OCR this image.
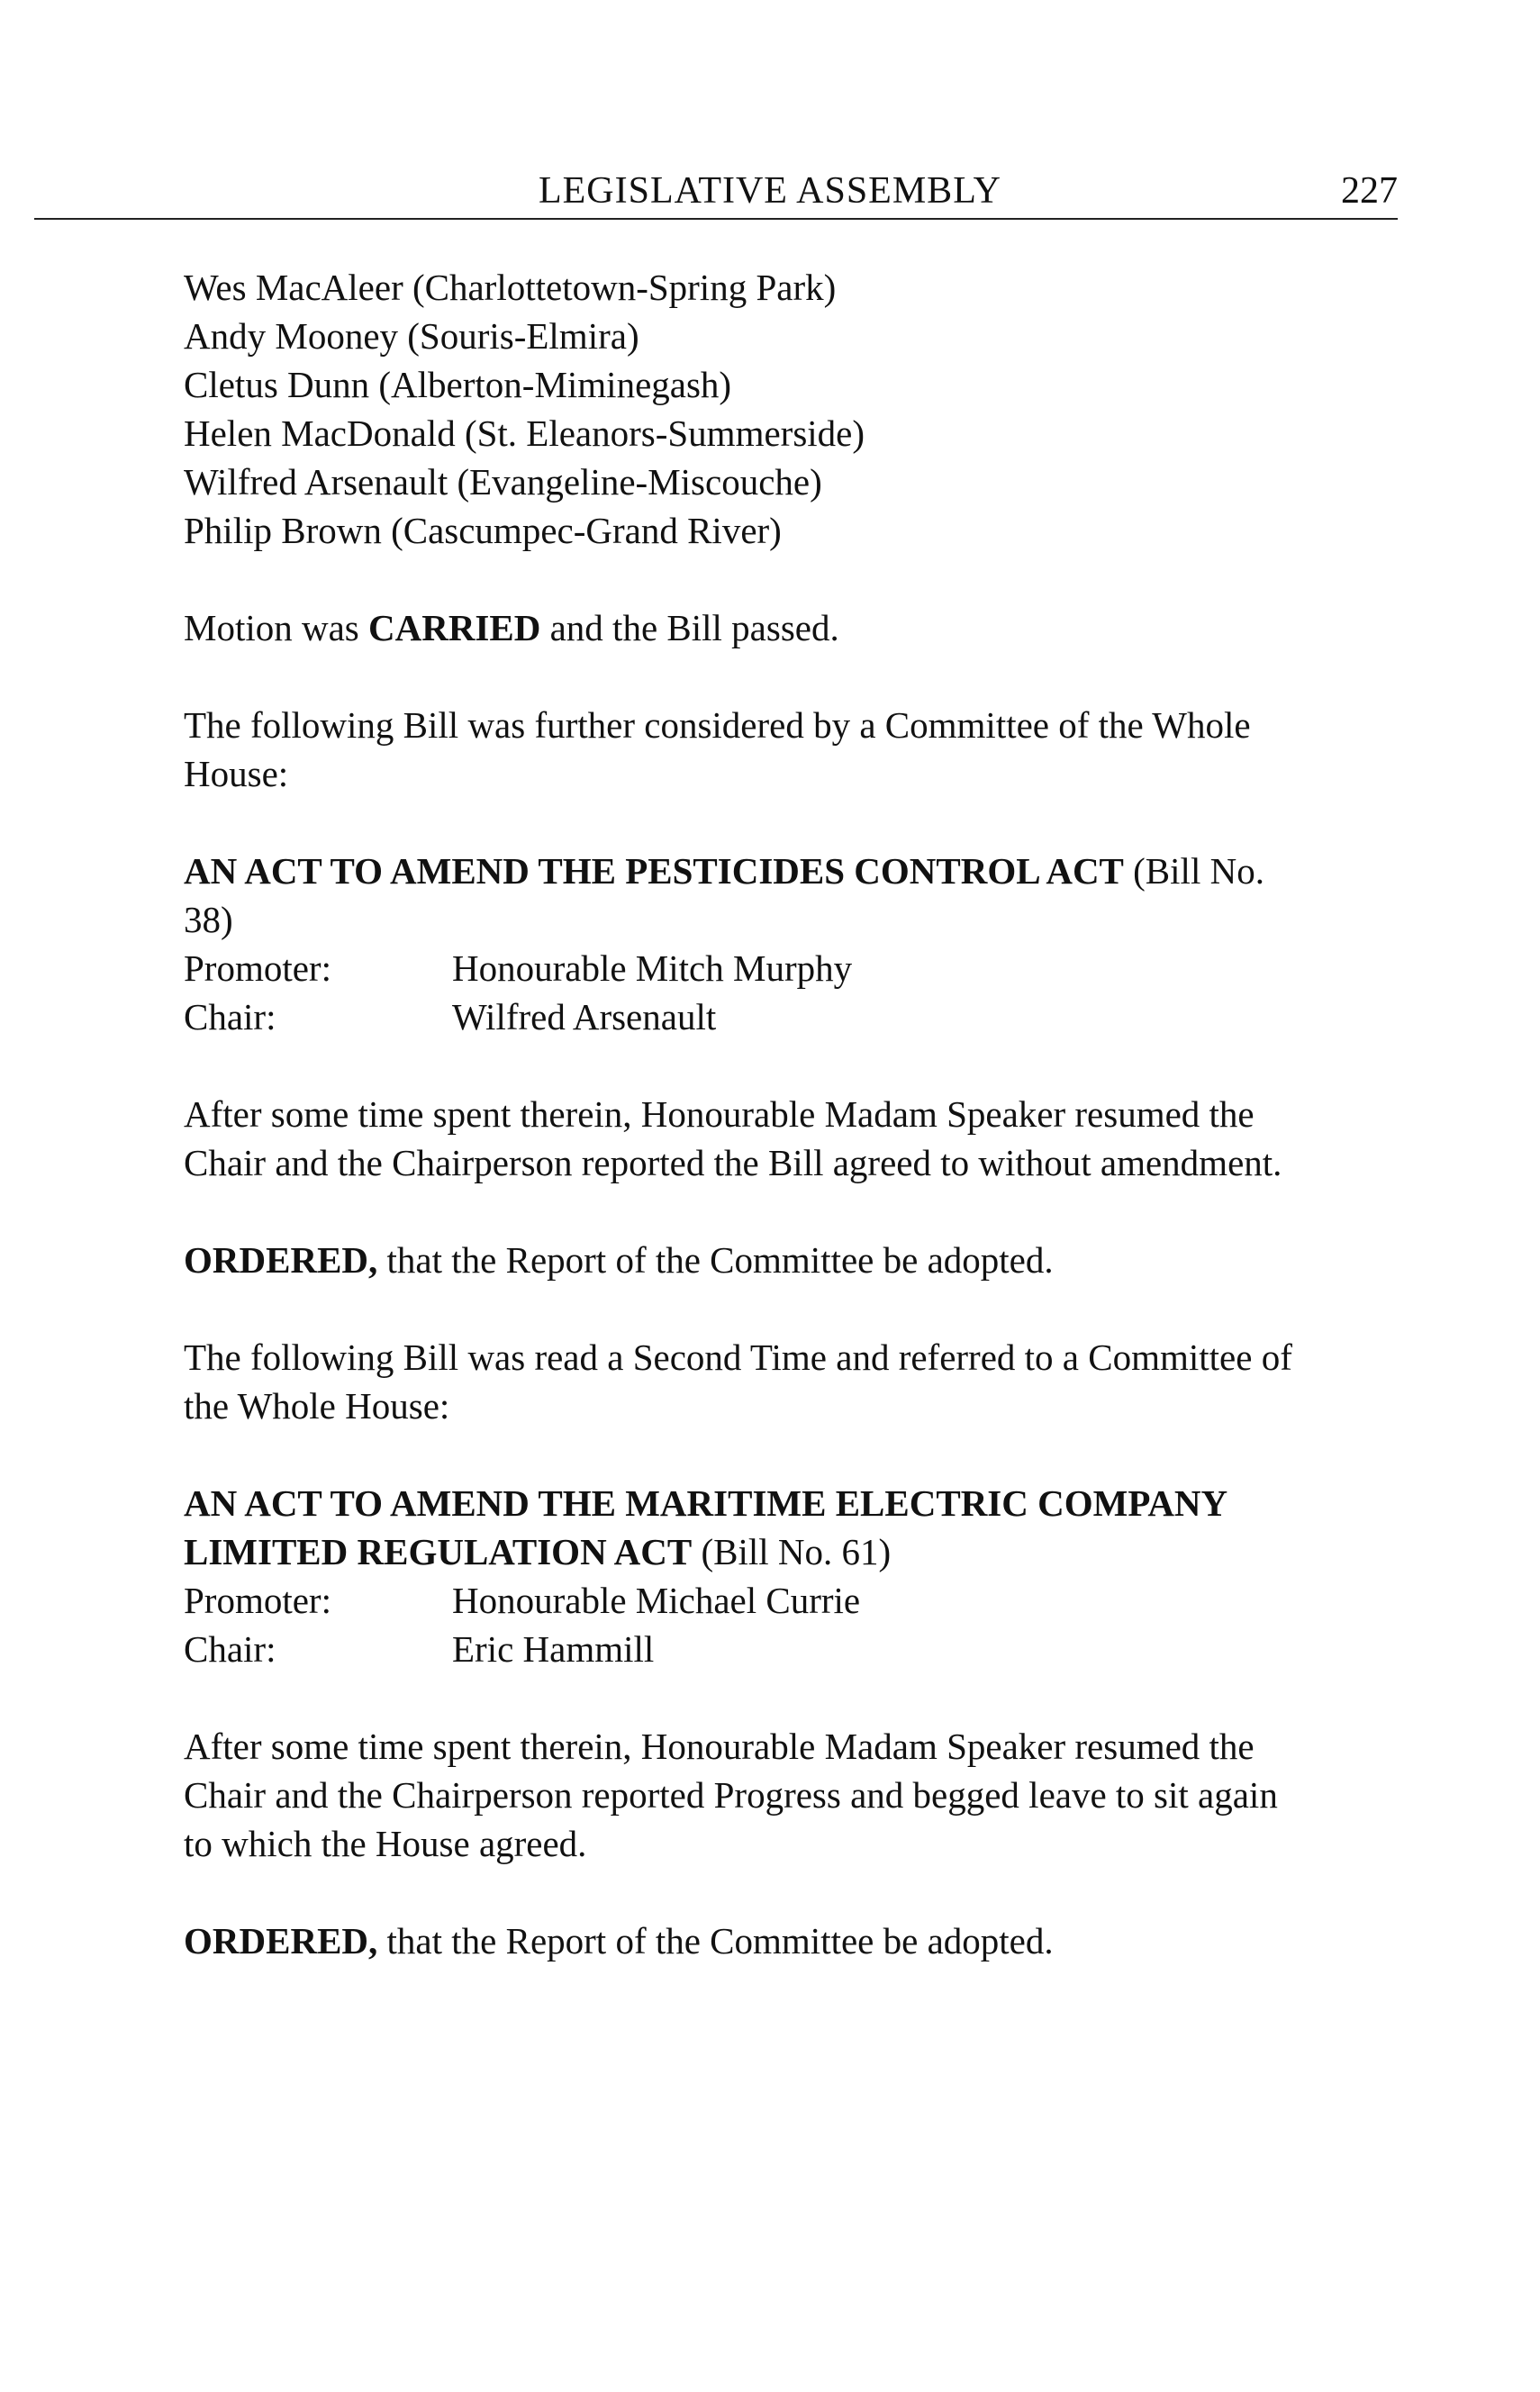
LEGISLATIVE ASSEMBLY	227
Wes MacAleer (Charlottetown-Spring Park)
Andy Mooney (Souris-Elmira)
Cletus Dunn (Alberton-Miminegash)
Helen MacDonald (St. Eleanors-Summerside)
Wilfred Arsenault (Evangeline-Miscouche)
Philip Brown (Cascumpec-Grand River)

Motion was CARRIED and the Bill passed.

The following Bill was further considered by a Committee of the Whole
House:
AN ACT TO AMEND THE PESTICIDES CONTROL ACT (Bill No.
38)
Promoter:	Honourable Mitch Murphy
Chair:	Wilfred Arsenault
After some time spent therein, Honourable Madam Speaker resumed the
Chair and the Chairperson reported the Bill agreed to without amendment.

ORDERED, that the Report of the Committee be adopted.

The following Bill was read a Second Time and referred to a Committee of
the Whole House:
AN ACT TO AMEND THE MARITIME ELECTRIC COMPANY
LIMITED REGULATION ACT (Bill No. 61)
Promoter:	Honourable Michael Currie
Chair:	Eric Hammill
After some time spent therein, Honourable Madam Speaker resumed the
Chair and the Chairperson reported Progress and begged leave to sit again
to which the House agreed.

ORDERED, that the Report of the Committee be adopted.
